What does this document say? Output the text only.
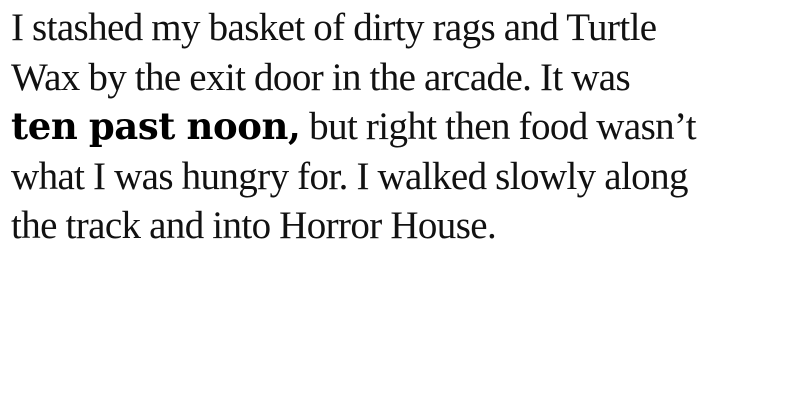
I stashed my basket of dirty rags and Turtle
Wax by the exit door in the arcade. It was
ten past noon, but right then food wasn’t
what I was hungry for. I walked slowly along
the track and into Horror House.
